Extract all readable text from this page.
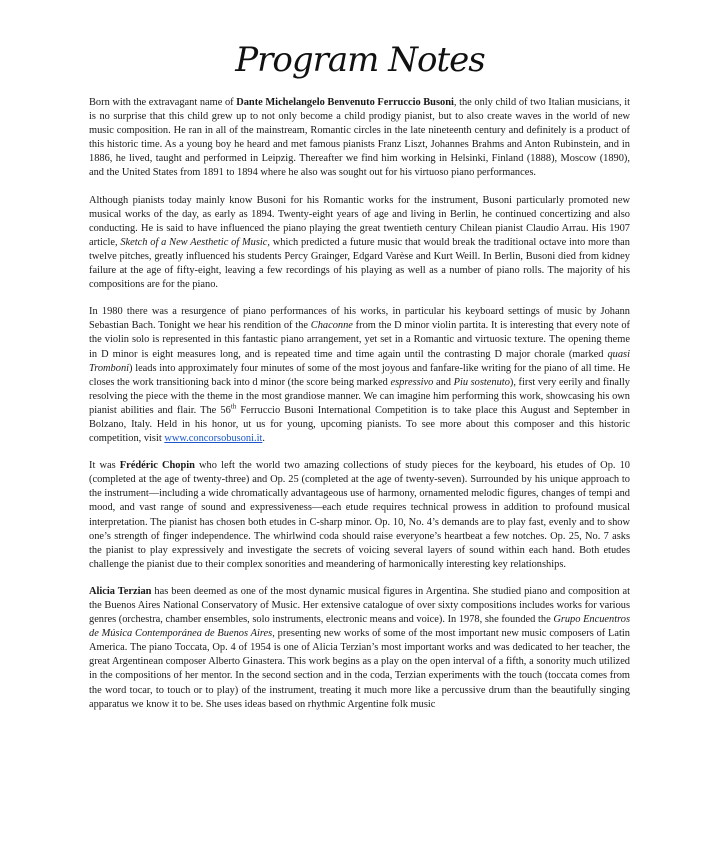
Program Notes

Born with the extravagant name of Dante Michelangelo Benvenuto Ferruccio Busoni, the only child of two Italian musicians, it is no surprise that this child grew up to not only become a child prodigy pianist, but to also create waves in the world of new music composition. He ran in all of the mainstream, Romantic circles in the late nineteenth century and definitely is a product of this historic time. As a young boy he heard and met famous pianists Franz Liszt, Johannes Brahms and Anton Rubinstein, and in 1886, he lived, taught and performed in Leipzig. Thereafter we find him working in Helsinki, Finland (1888), Moscow (1890), and the United States from 1891 to 1894 where he also was sought out for his virtuoso piano performances.

Although pianists today mainly know Busoni for his Romantic works for the instrument, Busoni particularly promoted new musical works of the day, as early as 1894. Twenty-eight years of age and living in Berlin, he continued concertizing and also conducting. He is said to have influenced the piano playing the great twentieth century Chilean pianist Claudio Arrau. His 1907 article, Sketch of a New Aesthetic of Music, which predicted a future music that would break the traditional octave into more than twelve pitches, greatly influenced his students Percy Grainger, Edgard Varèse and Kurt Weill. In Berlin, Busoni died from kidney failure at the age of fifty-eight, leaving a few recordings of his playing as well as a number of piano rolls. The majority of his compositions are for the piano.

In 1980 there was a resurgence of piano performances of his works, in particular his keyboard settings of music by Johann Sebastian Bach. Tonight we hear his rendition of the Chaconne from the D minor violin partita. It is interesting that every note of the violin solo is represented in this fantastic piano arrangement, yet set in a Romantic and virtuosic texture. The opening theme in D minor is eight measures long, and is repeated time and time again until the contrasting D major chorale (marked quasi Tromboni) leads into approximately four minutes of some of the most joyous and fanfare-like writing for the piano of all time. He closes the work transitioning back into d minor (the score being marked espressivo and Piu sostenuto), first very eerily and finally resolving the piece with the theme in the most grandiose manner. We can imagine him performing this work, showcasing his own pianist abilities and flair. The 56th Ferruccio Busoni International Competition is to take place this August and September in Bolzano, Italy. Held in his honor, ut us for young, upcoming pianists. To see more about this composer and this historic competition, visit www.concorsobusoni.it.

It was Frédéric Chopin who left the world two amazing collections of study pieces for the keyboard, his etudes of Op. 10 (completed at the age of twenty-three) and Op. 25 (completed at the age of twenty-seven). Surrounded by his unique approach to the instrument—including a wide chromatically advantageous use of harmony, ornamented melodic figures, changes of tempi and mood, and vast range of sound and expressiveness—each etude requires technical prowess in addition to profound musical interpretation. The pianist has chosen both etudes in C-sharp minor. Op. 10, No. 4’s demands are to play fast, evenly and to show one’s strength of finger independence. The whirlwind coda should raise everyone’s heartbeat a few notches. Op. 25, No. 7 asks the pianist to play expressively and investigate the secrets of voicing several layers of sound within each hand. Both etudes challenge the pianist due to their complex sonorities and meandering of harmonically interesting key relationships.

Alicia Terzian has been deemed as one of the most dynamic musical figures in Argentina. She studied piano and composition at the Buenos Aires National Conservatory of Music. Her extensive catalogue of over sixty compositions includes works for various genres (orchestra, chamber ensembles, solo instruments, electronic means and voice). In 1978, she founded the Grupo Encuentros de Música Contemporánea de Buenos Aires, presenting new works of some of the most important new music composers of Latin America. The piano Toccata, Op. 4 of 1954 is one of Alicia Terzian’s most important works and was dedicated to her teacher, the great Argentinean composer Alberto Ginastera. This work begins as a play on the open interval of a fifth, a sonority much utilized in the compositions of her mentor. In the second section and in the coda, Terzian experiments with the touch (toccata comes from the word tocar, to touch or to play) of the instrument, treating it much more like a percussive drum than the beautifully singing apparatus we know it to be. She uses ideas based on rhythmic Argentine folk music
